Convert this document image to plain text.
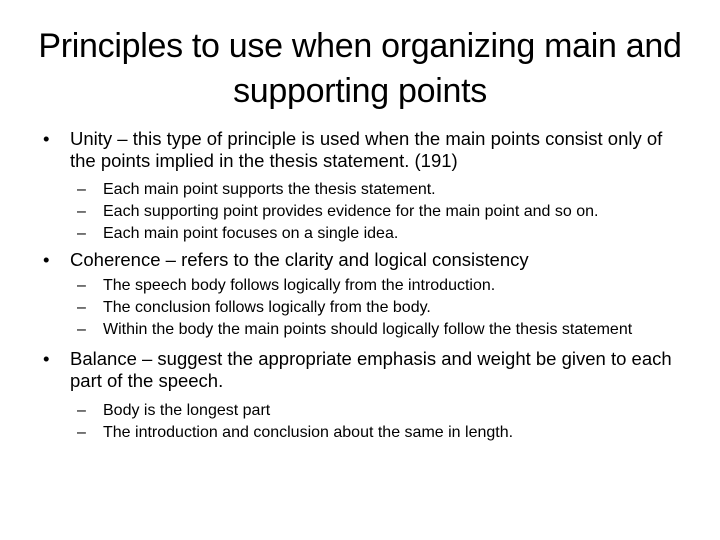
Principles to use when organizing main and supporting points
• Unity – this type of principle is used when the main points consist only of the points implied in the thesis statement. (191)
– Each main point supports the thesis statement.
– Each supporting point provides evidence for the main point and so on.
– Each main point focuses on a single idea.
• Coherence – refers to the clarity and logical consistency
– The speech body follows logically from the introduction.
– The conclusion follows logically from the body.
– Within the body the main points should logically follow the thesis statement
• Balance – suggest the appropriate emphasis and weight be given to each part of the speech.
– Body is the longest part
– The introduction and conclusion about the same in length.
